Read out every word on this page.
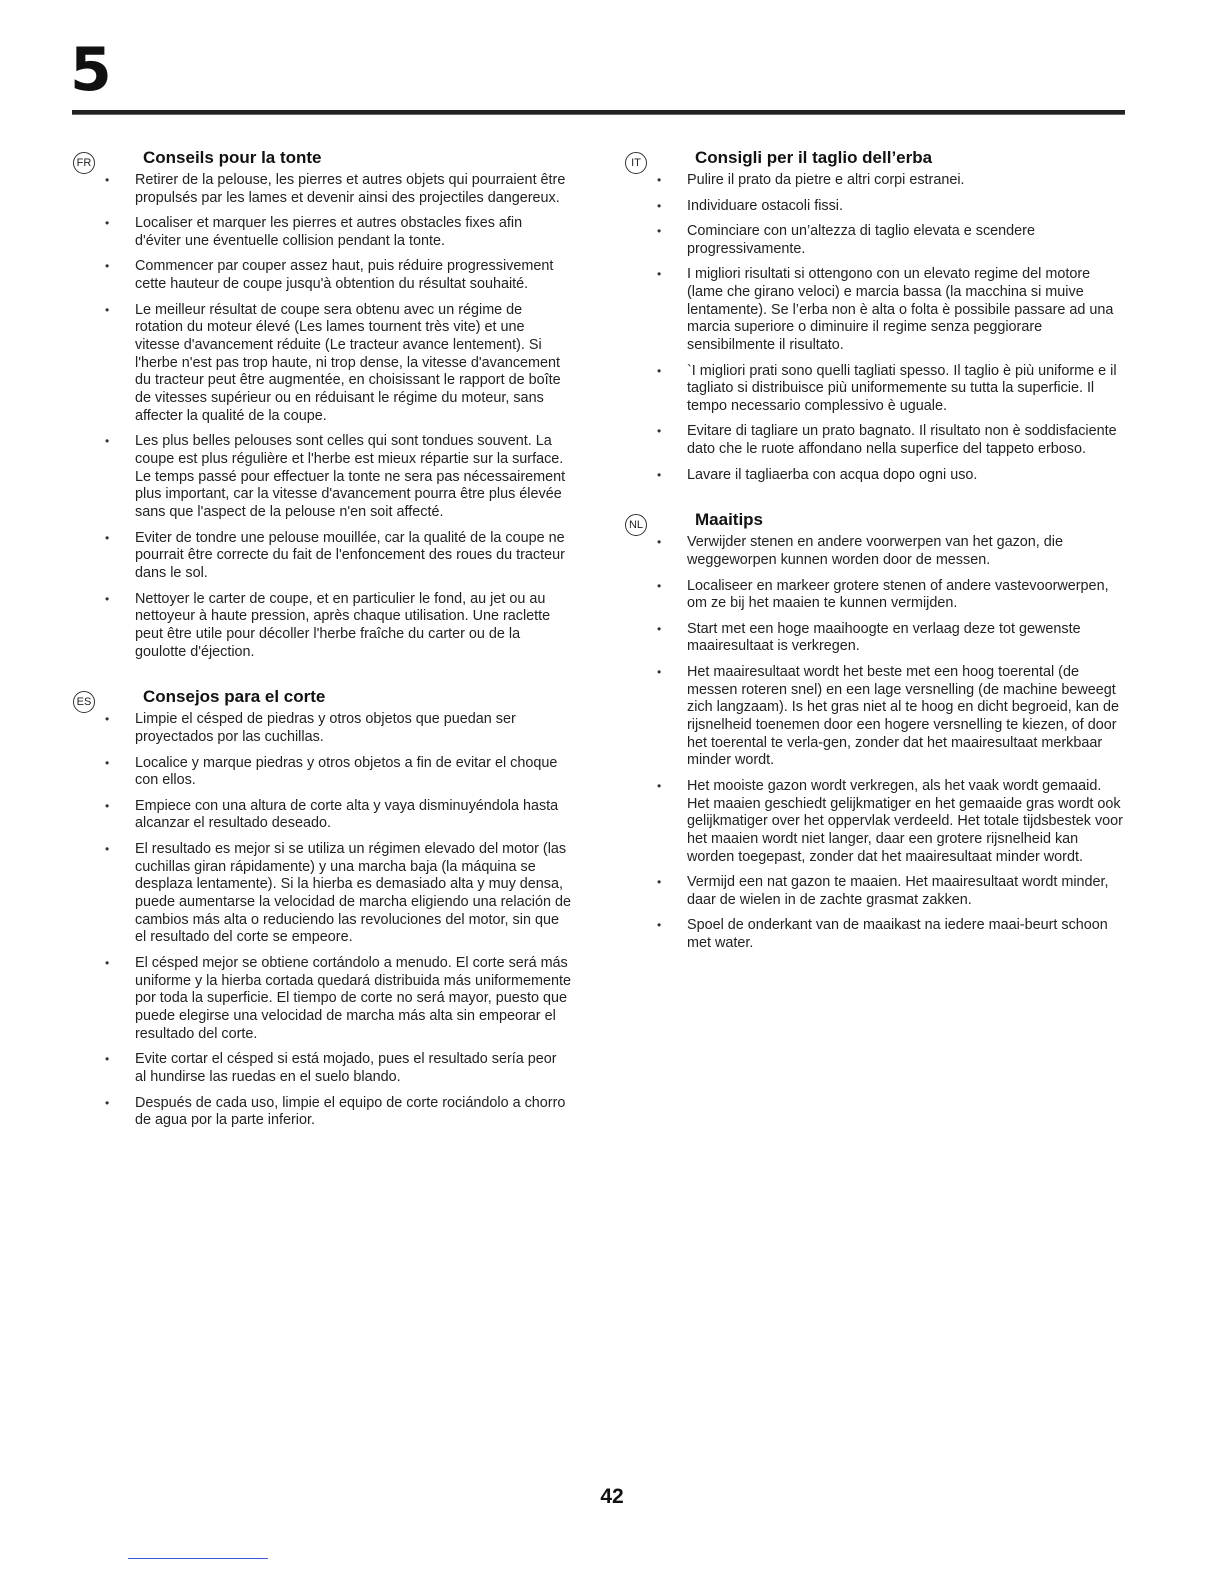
5
FR	Conseils pour la tonte
• Retirer de la pelouse, les pierres et autres objets qui pourraient être propulsés par les lames et devenir ainsi des projectiles dangereux.
• Localiser et marquer les pierres et autres obstacles fixes afin d'éviter une éventuelle collision pendant la tonte.
• Commencer par couper assez haut, puis réduire progressivement cette hauteur de coupe jusqu'à obtention du résultat souhaité.
• Le meilleur résultat de coupe sera obtenu avec un régime de rotation du moteur élevé (Les lames tournent très vite) et une vitesse d'avancement réduite (Le tracteur avance lentement). Si l'herbe n'est pas trop haute, ni trop dense, la vitesse d'avancement du tracteur peut être augmentée, en choisissant le rapport de boîte de vitesses supérieur ou en réduisant le régime du moteur, sans affecter la qualité de la coupe.
• Les plus belles pelouses sont celles qui sont tondues souvent. La coupe est plus régulière et l'herbe est mieux répartie sur la surface. Le temps passé pour effectuer la tonte ne sera pas nécessairement plus important, car la vitesse d'avancement pourra être plus élevée sans que l'aspect de la pelouse n'en soit affecté.
• Eviter de tondre une pelouse mouillée, car la qualité de la coupe ne pourrait être correcte du fait de l'enfoncement des roues du tracteur dans le sol.
• Nettoyer le carter de coupe, et en particulier le fond, au jet ou au nettoyeur à haute pression, après chaque utilisation. Une raclette peut être utile pour décoller l'herbe fraîche du carter ou de la goulotte d'éjection.
ES	Consejos para el corte
• Limpie el césped de piedras y otros objetos que puedan ser proyectados por las cuchillas.
• Localice y marque piedras y otros objetos a fin de evitar el choque con ellos.
• Empiece con una altura de corte alta y vaya disminuyéndola hasta alcanzar el resultado deseado.
• El resultado es mejor si se utiliza un régimen elevado del motor (las cuchillas giran rápidamente) y una marcha baja (la máquina se desplaza lentamente). Si la hierba es demasiado alta y muy densa, puede aumentarse la velocidad de marcha eligiendo una relación de cambios más alta o reduciendo las revoluciones del motor, sin que el resultado del corte se empeore.
• El césped mejor se obtiene cortándolo a menudo. El corte será más uniforme y la hierba cortada quedará distribuida más uniformemente por toda la superficie. El tiempo de corte no será mayor, puesto que puede elegirse una velocidad de marcha más alta sin empeorar el resultado del corte.
• Evite cortar el césped si está mojado, pues el resultado sería peor al hundirse las ruedas en el suelo blando.
• Después de cada uso, limpie el equipo de corte rociándolo a chorro de agua por la parte inferior.
IT	Consigli per il taglio dell’erba
• Pulire il prato da pietre e altri corpi estranei.
• Individuare ostacoli fissi.
• Cominciare con un’altezza di taglio elevata e scendere progressivamente.
• I migliori risultati si ottengono con un elevato regime del motore (lame che girano veloci) e marcia bassa (la macchina si muive lentamente). Se l’erba non è alta o folta è possibile passare ad una marcia superiore o diminuire il regime senza peggiorare sensibilmente il risultato.
• `I migliori prati sono quelli tagliati spesso. Il taglio è più uniforme e il tagliato si distribuisce più uniformemente su tutta la superficie. Il tempo necessario complessivo è uguale.
• Evitare di tagliare un prato bagnato. Il risultato non è soddisfaciente dato che le ruote affondano nella superfice del tappeto erboso.
• Lavare il tagliaerba con acqua dopo ogni uso.
NL	Maaitips
• Verwijder stenen en andere voorwerpen van het gazon, die weggeworpen kunnen worden door de messen.
• Localiseer en markeer grotere stenen of andere vastevoorwerpen, om ze bij het maaien te kunnen vermijden.
• Start met een hoge maaihoogte en verlaag deze tot gewenste maairesultaat is verkregen.
• Het maairesultaat wordt het beste met een hoog toerental (de messen roteren snel) en een lage versnelling (de machine beweegt zich langzaam). Is het gras niet al te hoog en dicht begroeid, kan de rijsnelheid toenemen door een hogere versnelling te kiezen, of door het toerental te verla-gen, zonder dat het maairesultaat merkbaar minder wordt.
• Het mooiste gazon wordt verkregen, als het vaak wordt gemaaid. Het maaien geschiedt gelijkmatiger en het gemaaide gras wordt ook gelijkmatiger over het oppervlak verdeeld. Het totale tijdsbestek voor het maaien wordt niet langer, daar een grotere rijsnelheid kan worden toegepast, zonder dat het maairesultaat minder wordt.
• Vermijd een nat gazon te maaien. Het maairesultaat wordt minder, daar de wielen in de zachte grasmat zakken.
• Spoel de onderkant van de maaikast na iedere maai-beurt schoon met water.
42
